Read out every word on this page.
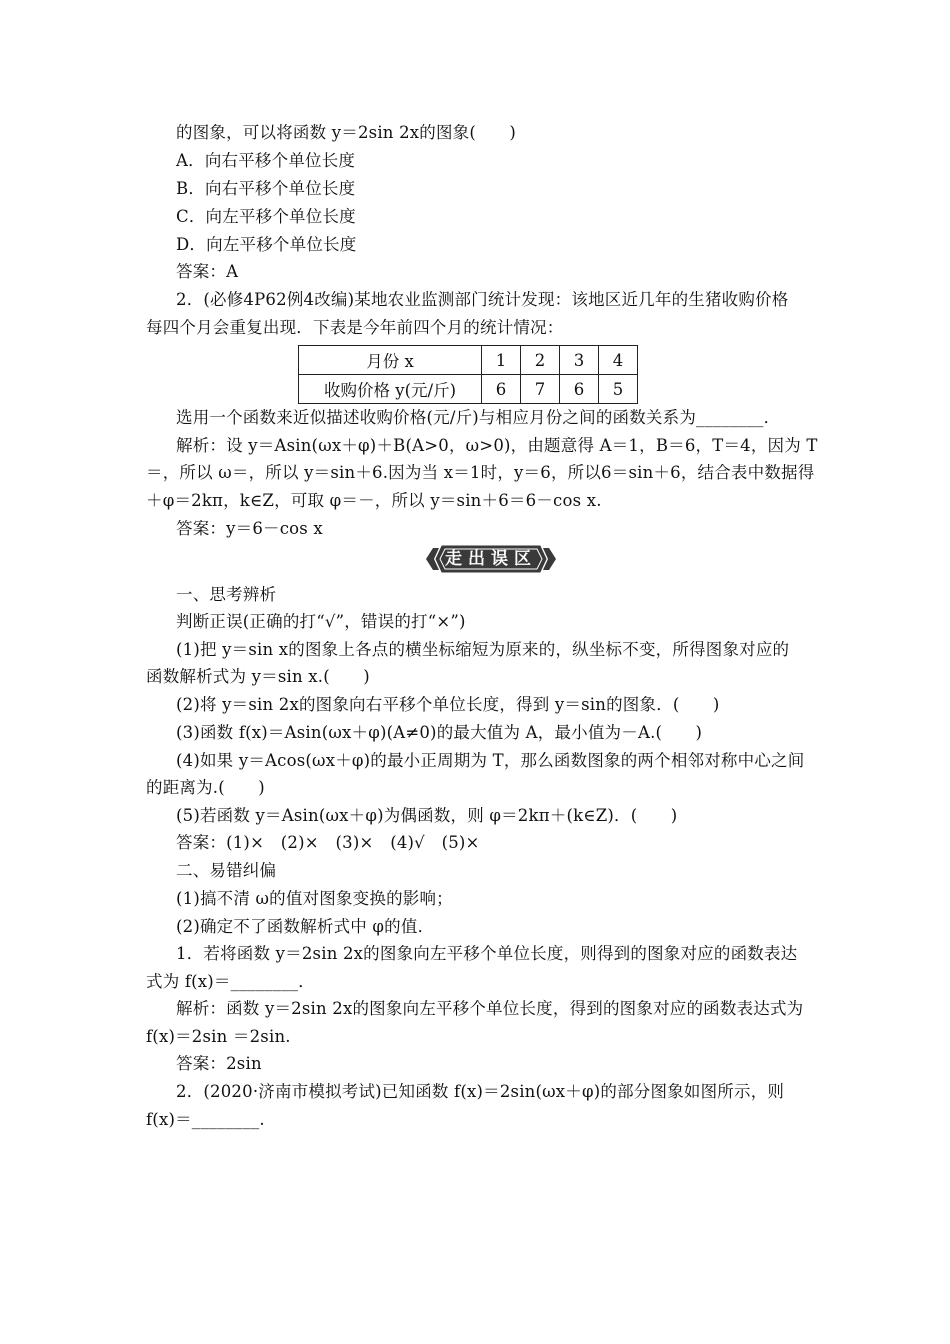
的图象，可以将函数 y＝2sin 2x的图象(　　)
A．向右平移个单位长度
B．向右平移个单位长度
C．向左平移个单位长度
D．向左平移个单位长度
答案：A
2．(必修4P62例4改编)某地农业监测部门统计发现：该地区近几年的生猪收购价格
每四个月会重复出现．下表是今年前四个月的统计情况：
月份 x	1	2	3	4
收购价格 y(元/斤)	6	7	6	5
选用一个函数来近似描述收购价格(元/斤)与相应月份之间的函数关系为________．
解析：设 y＝Asin(ωx＋φ)＋B(A>0，ω>0)，由题意得 A＝1，B＝6，T＝4，因为 T
＝，所以 ω＝，所以 y＝sin＋6.因为当 x＝1时，y＝6，所以6＝sin＋6，结合表中数据得
＋φ＝2kπ，k∈Z，可取 φ＝－，所以 y＝sin＋6＝6－cos x.
答案：y＝6－cos x
走出误区
一、思考辨析
判断正误(正确的打“√”，错误的打“×”)
(1)把 y＝sin x的图象上各点的横坐标缩短为原来的，纵坐标不变，所得图象对应的
函数解析式为 y＝sin x.(　　)
(2)将 y＝sin 2x的图象向右平移个单位长度，得到 y＝sin的图象．(　　)
(3)函数 f(x)＝Asin(ωx＋φ)(A≠0)的最大值为 A，最小值为－A.(　　)
(4)如果 y＝Acos(ωx＋φ)的最小正周期为 T，那么函数图象的两个相邻对称中心之间
的距离为.(　　)
(5)若函数 y＝Asin(ωx＋φ)为偶函数，则 φ＝2kπ＋(k∈Z)．(　　)
答案：(1)×　(2)×　(3)×　(4)√　(5)×
二、易错纠偏
(1)搞不清 ω的值对图象变换的影响；
(2)确定不了函数解析式中 φ的值．
1．若将函数 y＝2sin 2x的图象向左平移个单位长度，则得到的图象对应的函数表达
式为 f(x)＝________．
解析：函数 y＝2sin 2x的图象向左平移个单位长度，得到的图象对应的函数表达式为
f(x)＝2sin ＝2sin.
答案：2sin
2．(2020·济南市模拟考试)已知函数 f(x)＝2sin(ωx＋φ)的部分图象如图所示，则
f(x)＝________.
